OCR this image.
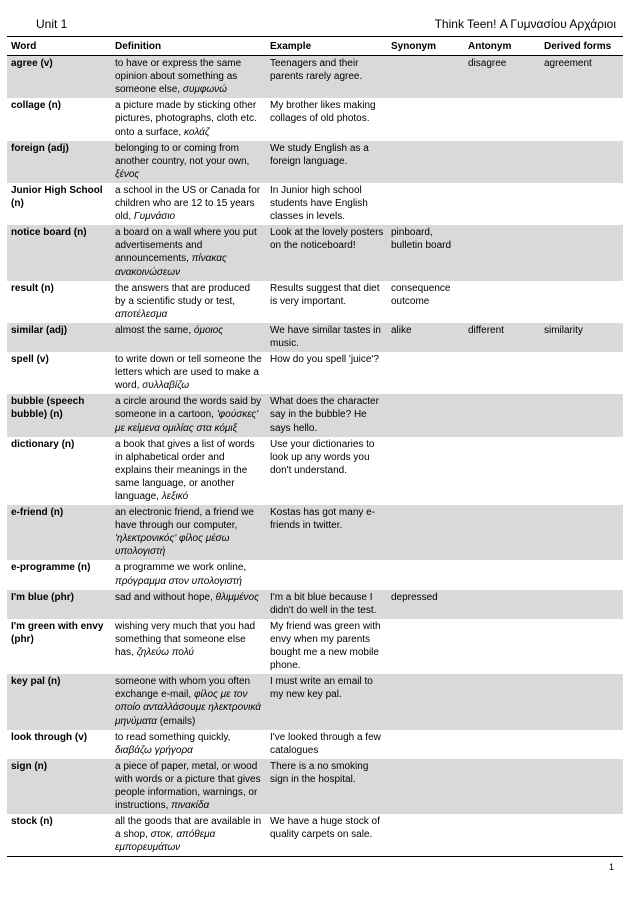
Unit 1	Think Teen! Α Γυμνασίου Αρχάριοι
Word	Definition	Example	Synonym	Antonym	Derived forms
agree (v)	to have or express the same opinion about something as someone else, συμφωνώ	Teenagers and their parents rarely agree.		disagree	agreement
collage (n)	a picture made by sticking other pictures, photographs, cloth etc. onto a surface, κολάζ	My brother likes making collages of old photos.			
foreign (adj)	belonging to or coming from another country, not your own, ξένος	We study English as a foreign language.			
Junior High School (n)	a school in the US or Canada for children who are 12 to 15 years old, Γυμνάσιο	In Junior high school students have English classes in levels.			
notice board (n)	a board on a wall where you put advertisements and announcements, πίνακας ανακοινώσεων	Look at the lovely posters on the noticeboard!	pinboard, bulletin board		
result (n)	the answers that are produced by a scientific study or test, αποτέλεσμα	Results suggest that diet is very important.	consequence outcome		
similar (adj)	almost the same, όμοιος	We have similar tastes in music.	alike	different	similarity
spell (v)	to write down or tell someone the letters which are used to make a word, συλλαβίζω	How do you spell 'juice'?			
bubble (speech bubble) (n)	a circle around the words said by someone in a cartoon, 'φούσκες' με κείμενα ομιλίας στα κόμιξ	What does the character say in the bubble? He says hello.			
dictionary (n)	a book that gives a list of words in alphabetical order and explains their meanings in the same language, or another language, λεξικό	Use your dictionaries to look up any words you don't understand.			
e-friend (n)	an electronic friend, a friend we have through our computer, 'ηλεκτρονικός' φίλος μέσω υπολογιστή	Kostas has got many e-friends in twitter.			
e-programme (n)	a programme we work online, πρόγραμμα στον υπολογιστή				
I'm blue (phr)	sad and without hope, θλιμμένος	I'm a bit blue because I didn't do well in the test.	depressed		
I'm green with envy (phr)	wishing very much that you had something that someone else has, ζηλεύω πολύ	My friend was green with envy when my parents bought me a new mobile phone.			
key pal (n)	someone with whom you often exchange e-mail, φίλος με τον οποίο ανταλλάσουμε ηλεκτρονικά μηνύματα (emails)	I must write an email to my new key pal.			
look through (v)	to read something quickly, διαβάζω γρήγορα	I've looked through a few catalogues			
sign (n)	a piece of paper, metal, or wood with words or a picture that gives people information, warnings, or instructions, πινακίδα	There is a no smoking sign in the hospital.			
stock (n)	all the goods that are available in a shop, στοκ, απόθεμα εμπορευμάτων	We have a huge stock of quality carpets on sale.			
1
